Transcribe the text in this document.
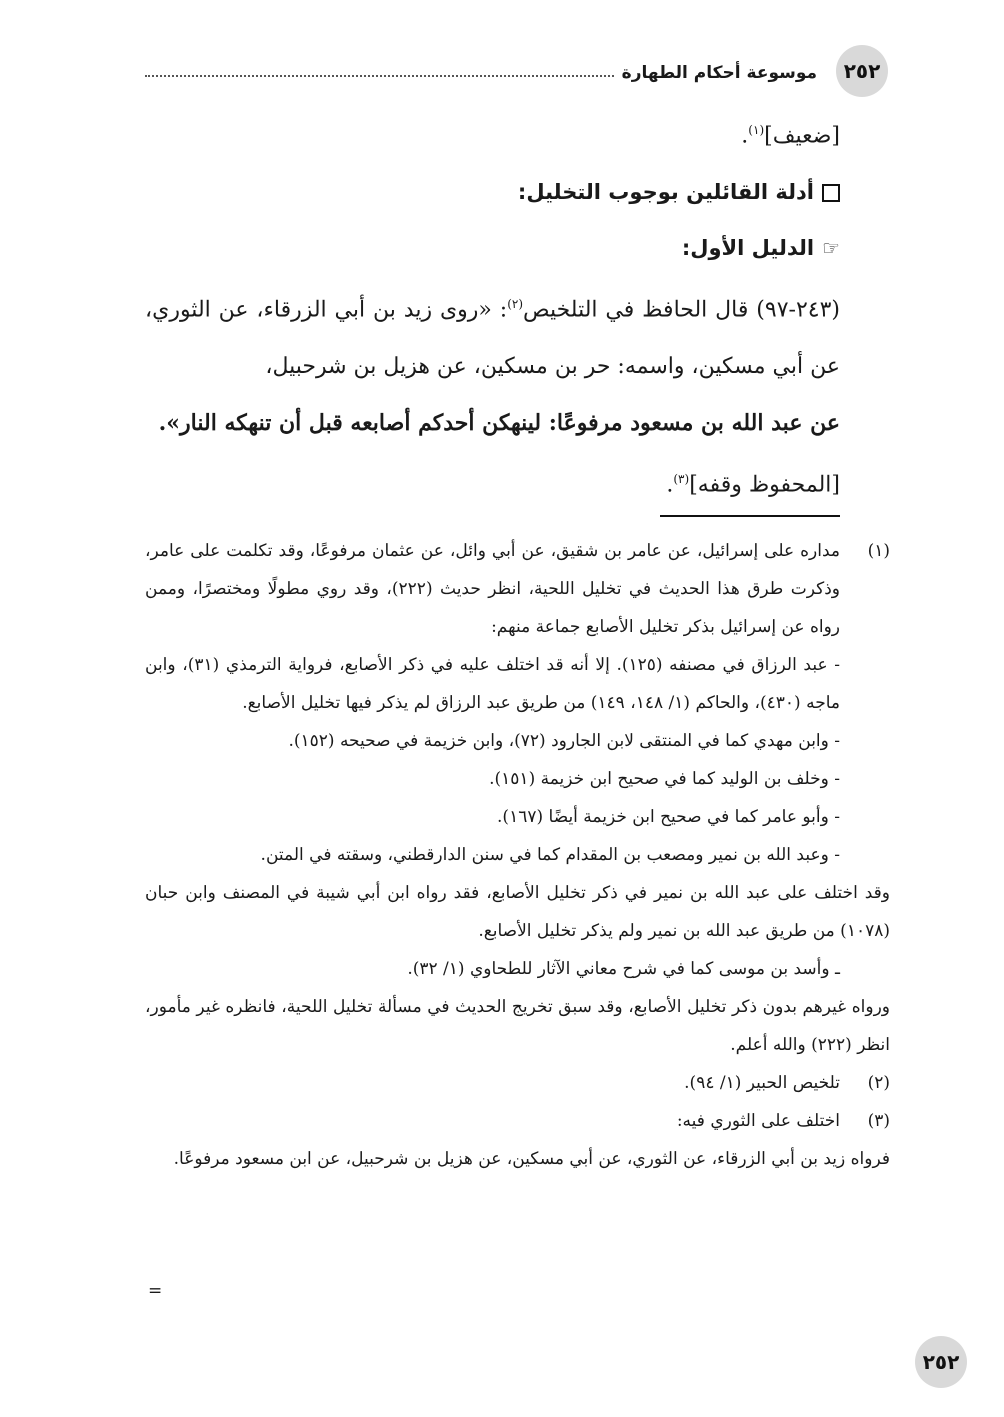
٢٥٢
موسوعة أحكام الطهارة

[ضعيف]$^{(١)}$.

أدلة القائلين بوجوب التخليل:

☞الدليل الأول:

(٢٤٣-٩٧) قال الحافظ في التلخيص$^{(٢)}$: «روى زيد بن أبي الزرقاء، عن الثوري، عن أبي مسكين، واسمه: حر بن مسكين، عن هزيل بن شرحبيل،

عن عبد الله بن مسعود مرفوعًا: لينهكن أحدكم أصابعه قبل أن تنهكه النار».

[المحفوظ وقفه]$^{(٣)}$.

(١)

مداره على إسرائيل، عن عامر بن شقيق، عن أبي وائل، عن عثمان مرفوعًا، وقد تكلمت على عامر، وذكرت طرق هذا الحديث في تخليل اللحية، انظر حديث (٢٢٢)، وقد روي مطولًا ومختصرًا، وممن رواه عن إسرائيل بذكر تخليل الأصابع جماعة منهم:

- عبد الرزاق في مصنفه (١٢٥). إلا أنه قد اختلف عليه في ذكر الأصابع، فرواية الترمذي (٣١)، وابن ماجه (٤٣٠)، والحاكم (١/ ١٤٨، ١٤٩) من طريق عبد الرزاق لم يذكر فيها تخليل الأصابع.

- وابن مهدي كما في المنتقى لابن الجارود (٧٢)، وابن خزيمة في صحيحه (١٥٢).

- وخلف بن الوليد كما في صحيح ابن خزيمة (١٥١).

- وأبو عامر كما في صحيح ابن خزيمة أيضًا (١٦٧).

- وعبد الله بن نمير ومصعب بن المقدام كما في سنن الدارقطني، وسقته في المتن.

وقد اختلف على عبد الله بن نمير في ذكر تخليل الأصابع، فقد رواه ابن أبي شيبة في المصنف وابن حبان (١٠٧٨) من طريق عبد الله بن نمير ولم يذكر تخليل الأصابع.

ـ وأسد بن موسى كما في شرح معاني الآثار للطحاوي (١/ ٣٢).

ورواه غيرهم بدون ذكر تخليل الأصابع، وقد سبق تخريج الحديث في مسألة تخليل اللحية، فانظره غير مأمور، انظر (٢٢٢) والله أعلم.

(٢)

تلخيص الحبير (١/ ٩٤).

(٣)

اختلف على الثوري فيه:

فرواه زيد بن أبي الزرقاء، عن الثوري، عن أبي مسكين، عن هزيل بن شرحبيل، عن ابن مسعود مرفوعًا.

=
٢٥٢
